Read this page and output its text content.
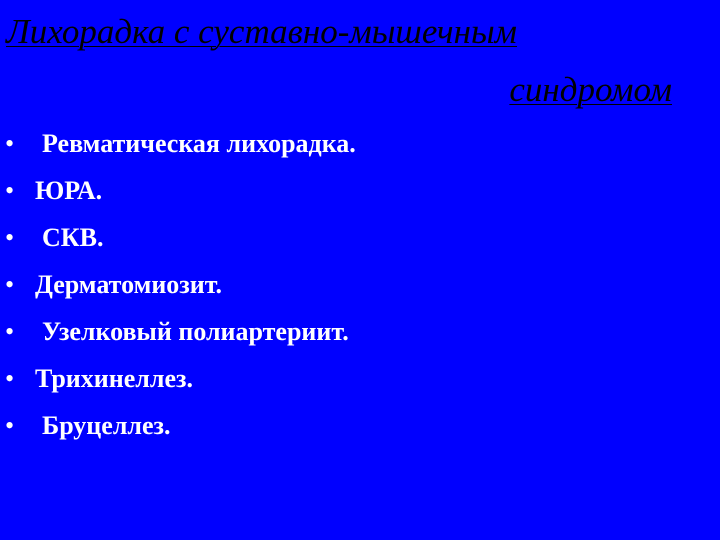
Лихорадка с суставно-мышечным
синдромом
• Ревматическая лихорадка.
• ЮРА.
• СКВ.
• Дерматомиозит.
• Узелковый полиартериит.
• Трихинеллез.
• Бруцеллез.
